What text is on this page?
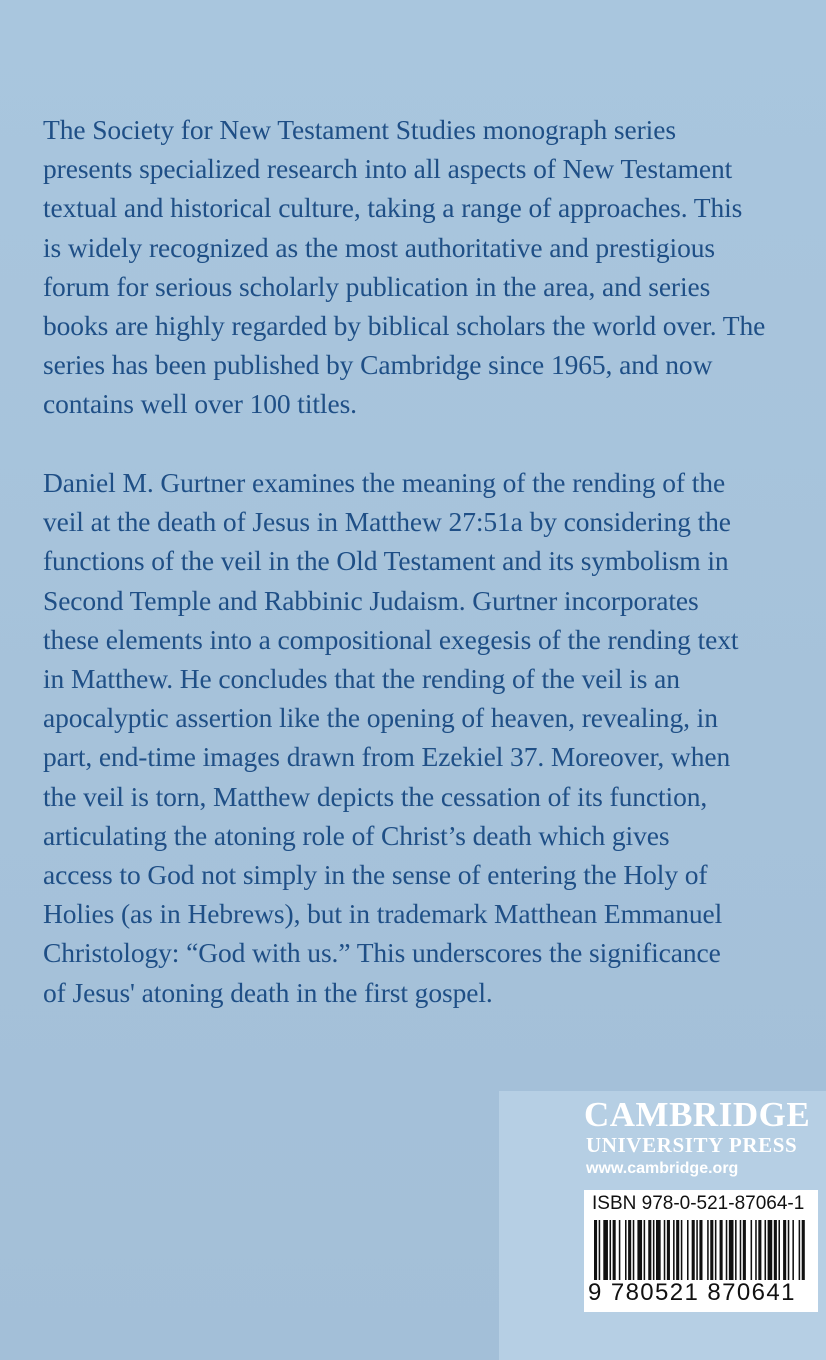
The Society for New Testament Studies monograph series
presents specialized research into all aspects of New Testament
textual and historical culture, taking a range of approaches. This
is widely recognized as the most authoritative and prestigious
forum for serious scholarly publication in the area, and series
books are highly regarded by biblical scholars the world over. The
series has been published by Cambridge since 1965, and now
contains well over 100 titles.
Daniel M. Gurtner examines the meaning of the rending of the
veil at the death of Jesus in Matthew 27:51a by considering the
functions of the veil in the Old Testament and its symbolism in
Second Temple and Rabbinic Judaism. Gurtner incorporates
these elements into a compositional exegesis of the rending text
in Matthew. He concludes that the rending of the veil is an
apocalyptic assertion like the opening of heaven, revealing, in
part, end-time images drawn from Ezekiel 37. Moreover, when
the veil is torn, Matthew depicts the cessation of its function,
articulating the atoning role of Christ’s death which gives
access to God not simply in the sense of entering the Holy of
Holies (as in Hebrews), but in trademark Matthean Emmanuel
Christology: “God with us.” This underscores the significance
of Jesus' atoning death in the first gospel.
CAMBRIDGE
UNIVERSITY PRESS
www.cambridge.org
ISBN 978-0-521-87064-1
9 780521 870641
